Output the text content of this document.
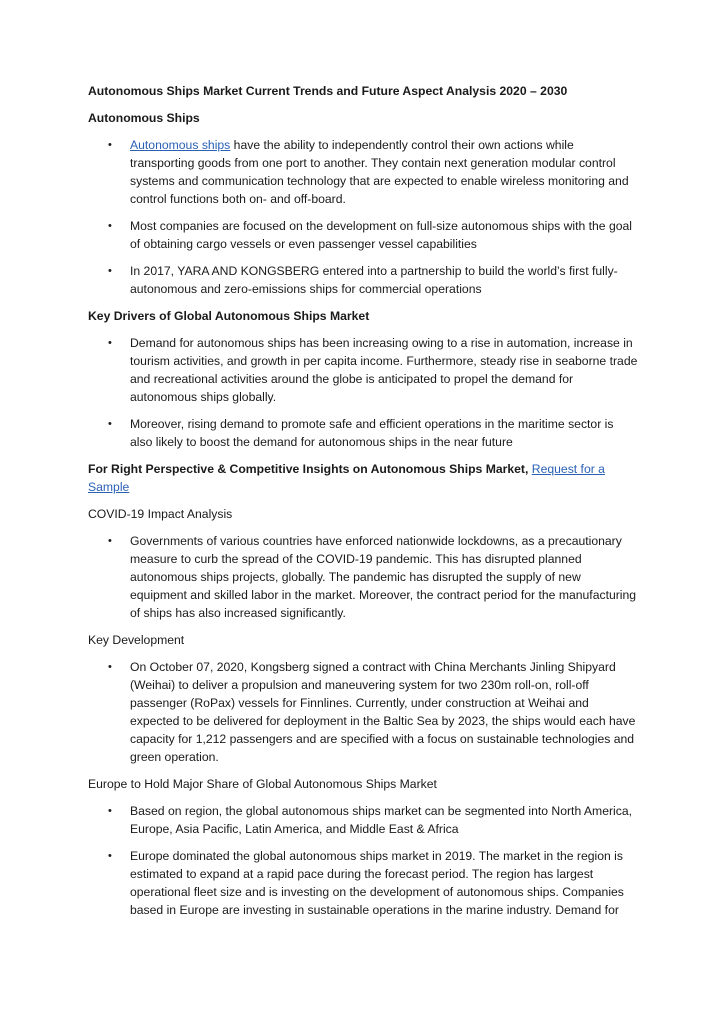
Autonomous Ships Market Current Trends and Future Aspect Analysis 2020 – 2030

Autonomous Ships

• Autonomous ships have the ability to independently control their own actions while transporting goods from one port to another. They contain next generation modular control systems and communication technology that are expected to enable wireless monitoring and control functions both on- and off-board.
• Most companies are focused on the development on full-size autonomous ships with the goal of obtaining cargo vessels or even passenger vessel capabilities
• In 2017, YARA AND KONGSBERG entered into a partnership to build the world’s first fully-autonomous and zero-emissions ships for commercial operations

Key Drivers of Global Autonomous Ships Market

• Demand for autonomous ships has been increasing owing to a rise in automation, increase in tourism activities, and growth in per capita income. Furthermore, steady rise in seaborne trade and recreational activities around the globe is anticipated to propel the demand for autonomous ships globally.
• Moreover, rising demand to promote safe and efficient operations in the maritime sector is also likely to boost the demand for autonomous ships in the near future

For Right Perspective & Competitive Insights on Autonomous Ships Market, Request for a Sample

COVID-19 Impact Analysis

• Governments of various countries have enforced nationwide lockdowns, as a precautionary measure to curb the spread of the COVID-19 pandemic. This has disrupted planned autonomous ships projects, globally. The pandemic has disrupted the supply of new equipment and skilled labor in the market. Moreover, the contract period for the manufacturing of ships has also increased significantly.

Key Development

• On October 07, 2020, Kongsberg signed a contract with China Merchants Jinling Shipyard (Weihai) to deliver a propulsion and maneuvering system for two 230m roll-on, roll-off passenger (RoPax) vessels for Finnlines. Currently, under construction at Weihai and expected to be delivered for deployment in the Baltic Sea by 2023, the ships would each have capacity for 1,212 passengers and are specified with a focus on sustainable technologies and green operation.

Europe to Hold Major Share of Global Autonomous Ships Market

• Based on region, the global autonomous ships market can be segmented into North America, Europe, Asia Pacific, Latin America, and Middle East & Africa
• Europe dominated the global autonomous ships market in 2019. The market in the region is estimated to expand at a rapid pace during the forecast period. The region has largest operational fleet size and is investing on the development of autonomous ships. Companies based in Europe are investing in sustainable operations in the marine industry. Demand for
